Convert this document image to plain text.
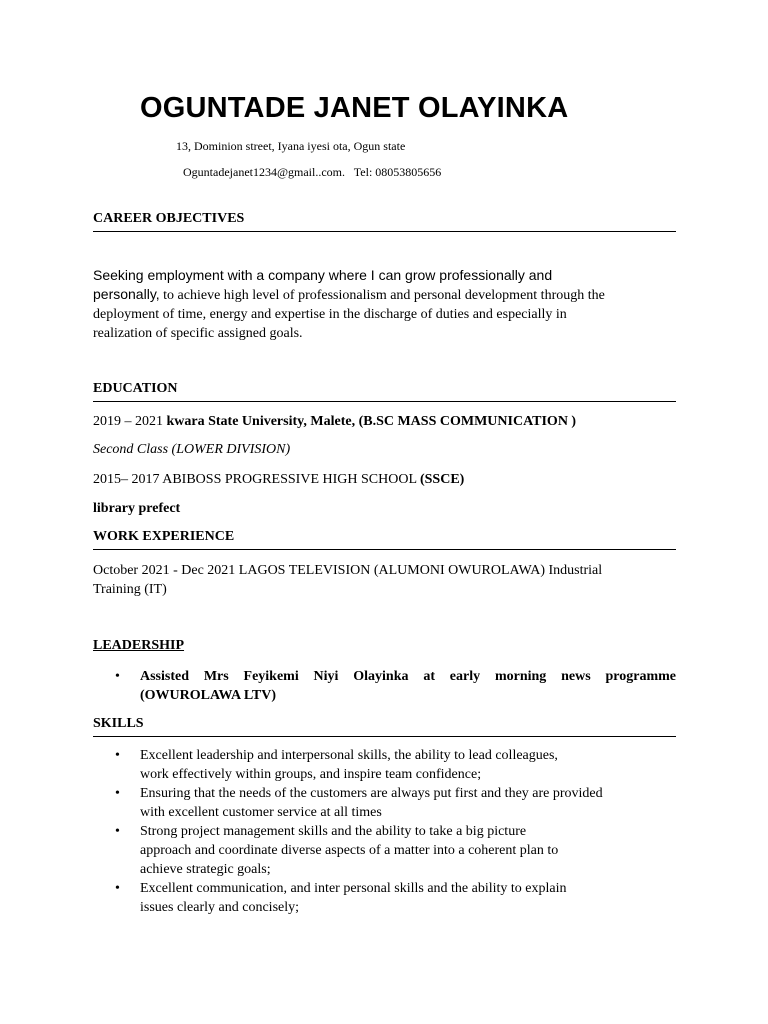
OGUNTADE JANET OLAYINKA
13, Dominion street, Iyana iyesi ota, Ogun state
Oguntadejanet1234@gmail..com.   Tel: 08053805656
CAREER OBJECTIVES
Seeking employment with a company where I can grow professionally and
personally, to achieve high level of professionalism and personal development through the
deployment of time, energy and expertise in the discharge of duties and especially in
realization of specific assigned goals.
EDUCATION
2019 – 2021 kwara State University, Malete, (B.SC MASS COMMUNICATION )
Second Class (LOWER DIVISION)
2015– 2017 ABIBOSS PROGRESSIVE HIGH SCHOOL (SSCE)
library prefect
WORK EXPERIENCE
October 2021 - Dec 2021 LAGOS TELEVISION (ALUMONI OWUROLAWA) Industrial
Training (IT)
LEADERSHIP
• Assisted Mrs Feyikemi Niyi Olayinka at early morning news programme (OWUROLAWA LTV)
SKILLS
• Excellent leadership and interpersonal skills, the ability to lead colleagues,
work effectively within groups, and inspire team confidence;
• Ensuring that the needs of the customers are always put first and they are provided
with excellent customer service at all times
• Strong project management skills and the ability to take a big picture
approach and coordinate diverse aspects of a matter into a coherent plan to
achieve strategic goals;
• Excellent communication, and inter personal skills and the ability to explain
issues clearly and concisely;
